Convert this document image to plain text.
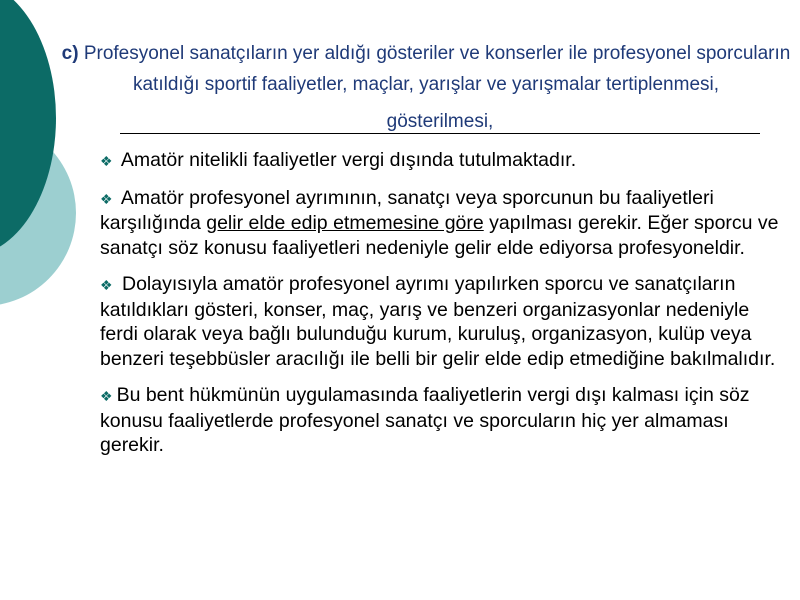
c) Profesyonel sanatçıların yer aldığı gösteriler ve konserler ile profesyonel sporcuların katıldığı sportif faaliyetler, maçlar, yarışlar ve yarışmalar tertiplenmesi,
gösterilmesi,
❖ Amatör nitelikli faaliyetler vergi dışında tutulmaktadır.
❖ Amatör profesyonel ayrımının, sanatçı veya sporcunun bu faaliyetleri karşılığında gelir elde edip etmemesine göre yapılması gerekir. Eğer sporcu ve sanatçı söz konusu faaliyetleri nedeniyle gelir elde ediyorsa profesyoneldir.
❖ Dolayısıyla amatör profesyonel ayrımı yapılırken sporcu ve sanatçıların katıldıkları gösteri, konser, maç, yarış ve benzeri organizasyonlar nedeniyle ferdi olarak veya bağlı bulunduğu kurum, kuruluş, organizasyon, kulüp veya benzeri teşebbüsler aracılığı ile belli bir gelir elde edip etmediğine bakılmalıdır.
❖ Bu bent hükmünün uygulamasında faaliyetlerin vergi dışı kalması için söz konusu faaliyetlerde profesyonel sanatçı ve sporcuların hiç yer almaması gerekir.
